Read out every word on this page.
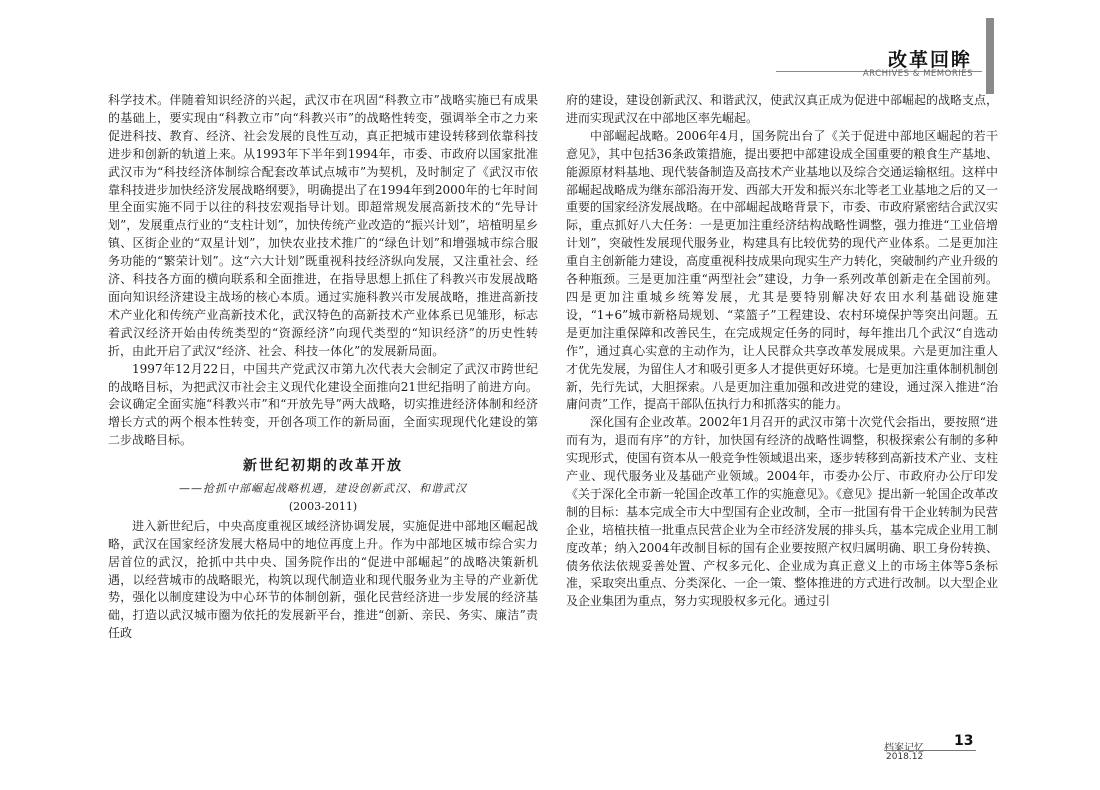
改革回眸
ARCHIVES & MEMORIES

科学技术。伴随着知识经济的兴起，武汉市在巩固“科教立市”战略实施已有成果的基础上，要实现由“科教立市”向“科教兴市”的战略性转变，强调举全市之力来促进科技、教育、经济、社会发展的良性互动，真正把城市建设转移到依靠科技进步和创新的轨道上来。从1993年下半年到1994年，市委、市政府以国家批准武汉市为“科技经济体制综合配套改革试点城市”为契机，及时制定了《武汉市依靠科技进步加快经济发展战略纲要》，明确提出了在1994年到2000年的七年时间里全面实施不同于以往的科技宏观指导计划。即超常规发展高新技术的“先导计划”，发展重点行业的“支柱计划”，加快传统产业改造的“振兴计划”，培植明星乡镇、区街企业的“双星计划”，加快农业技术推广的“绿色计划”和增强城市综合服务功能的“繁荣计划”。这“六大计划”既重视科技经济纵向发展，又注重社会、经济、科技各方面的横向联系和全面推进，在指导思想上抓住了科教兴市发展战略面向知识经济建设主战场的核心本质。通过实施科教兴市发展战略，推进高新技术产业化和传统产业高新技术化，武汉特色的高新技术产业体系已见雏形，标志着武汉经济开始由传统类型的“资源经济”向现代类型的“知识经济”的历史性转折，由此开启了武汉“经济、社会、科技一体化”的发展新局面。

1997年12月22日，中国共产党武汉市第九次代表大会制定了武汉市跨世纪的战略目标，为把武汉市社会主义现代化建设全面推向21世纪指明了前进方向。会议确定全面实施“科教兴市”和“开放先导”两大战略，切实推进经济体制和经济增长方式的两个根本性转变，开创各项工作的新局面，全面实现现代化建设的第二步战略目标。

新世纪初期的改革开放
——抢抓中部崛起战略机遇，建设创新武汉、和谐武汉
(2003-2011)

进入新世纪后，中央高度重视区域经济协调发展，实施促进中部地区崛起战略，武汉在国家经济发展大格局中的地位再度上升。作为中部地区城市综合实力居首位的武汉，抢抓中共中央、国务院作出的“促进中部崛起”的战略决策新机遇，以经营城市的战略眼光，构筑以现代制造业和现代服务业为主导的产业新优势，强化以制度建设为中心环节的体制创新，强化民营经济进一步发展的经济基础，打造以武汉城市圈为依托的发展新平台，推进“创新、亲民、务实、廉洁”责任政

府的建设，建设创新武汉、和谐武汉，使武汉真正成为促进中部崛起的战略支点，进而实现武汉在中部地区率先崛起。

中部崛起战略。2006年4月，国务院出台了《关于促进中部地区崛起的若干意见》，其中包括36条政策措施，提出要把中部建设成全国重要的粮食生产基地、能源原材料基地、现代装备制造及高技术产业基地以及综合交通运输枢纽。这样中部崛起战略成为继东部沿海开发、西部大开发和振兴东北等老工业基地之后的又一重要的国家经济发展战略。在中部崛起战略背景下，市委、市政府紧密结合武汉实际，重点抓好八大任务：一是更加注重经济结构战略性调整，强力推进“工业倍增计划”，突破性发展现代服务业，构建具有比较优势的现代产业体系。二是更加注重自主创新能力建设，高度重视科技成果向现实生产力转化，突破制约产业升级的各种瓶颈。三是更加注重“两型社会”建设，力争一系列改革创新走在全国前列。四是更加注重城乡统筹发展，尤其是要特别解决好农田水利基础设施建设，“1+6”城市新格局规划、“菜篮子”工程建设、农村环境保护等突出问题。五是更加注重保障和改善民生，在完成规定任务的同时，每年推出几个武汉“自选动作”，通过真心实意的主动作为，让人民群众共享改革发展成果。六是更加注重人才优先发展，为留住人才和吸引更多人才提供更好环境。七是更加注重体制机制创新，先行先试，大胆探索。八是更加注重加强和改进党的建设，通过深入推进“治庸问责”工作，提高干部队伍执行力和抓落实的能力。

深化国有企业改革。2002年1月召开的武汉市第十次党代会指出，要按照“进而有为，退而有序”的方针，加快国有经济的战略性调整，积极探索公有制的多种实现形式，使国有资本从一般竞争性领域退出来，逐步转移到高新技术产业、支柱产业、现代服务业及基础产业领域。2004年，市委办公厅、市政府办公厅印发《关于深化全市新一轮国企改革工作的实施意见》。《意见》提出新一轮国企改革改制的目标：基本完成全市大中型国有企业改制，全市一批国有骨干企业转制为民营企业，培植扶植一批重点民营企业为全市经济发展的排头兵，基本完成企业用工制度改革；纳入2004年改制目标的国有企业要按照产权归属明确、职工身份转换、债务依法依规妥善处置、产权多元化、企业成为真正意义上的市场主体等5条标准，采取突出重点、分类深化、一企一策、整体推进的方式进行改制。以大型企业及企业集团为重点，努力实现股权多元化。通过引

档案记忆 13
2018.12
